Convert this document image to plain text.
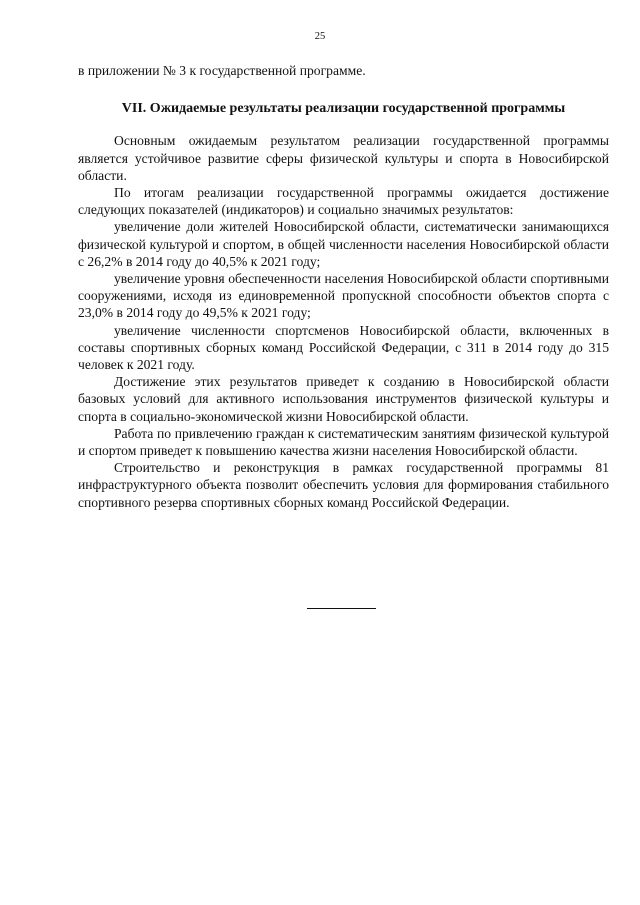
25

в приложении № 3 к государственной программе.

VII. Ожидаемые результаты реализации государственной программы

Основным ожидаемым результатом реализации государственной программы является устойчивое развитие сферы физической культуры и спорта в Новосибирской области.

По итогам реализации государственной программы ожидается достижение следующих показателей (индикаторов) и социально значимых результатов:

увеличение доли жителей Новосибирской области, систематически занимающихся физической культурой и спортом, в общей численности населения Новосибирской области с 26,2% в 2014 году до 40,5% к 2021 году;

увеличение уровня обеспеченности населения Новосибирской области спортивными сооружениями, исходя из единовременной пропускной способности объектов спорта с 23,0% в 2014 году до 49,5% к 2021 году;

увеличение численности спортсменов Новосибирской области, включенных в составы спортивных сборных команд Российской Федерации, с 311 в 2014 году до 315 человек к 2021 году.

Достижение этих результатов приведет к созданию в Новосибирской области базовых условий для активного использования инструментов физической культуры и спорта в социально-экономической жизни Новосибирской области.

Работа по привлечению граждан к систематическим занятиям физической культурой и спортом приведет к повышению качества жизни населения Новосибирской области.

Строительство и реконструкция в рамках государственной программы 81 инфраструктурного объекта позволит обеспечить условия для формирования стабильного спортивного резерва спортивных сборных команд Российской Федерации.
